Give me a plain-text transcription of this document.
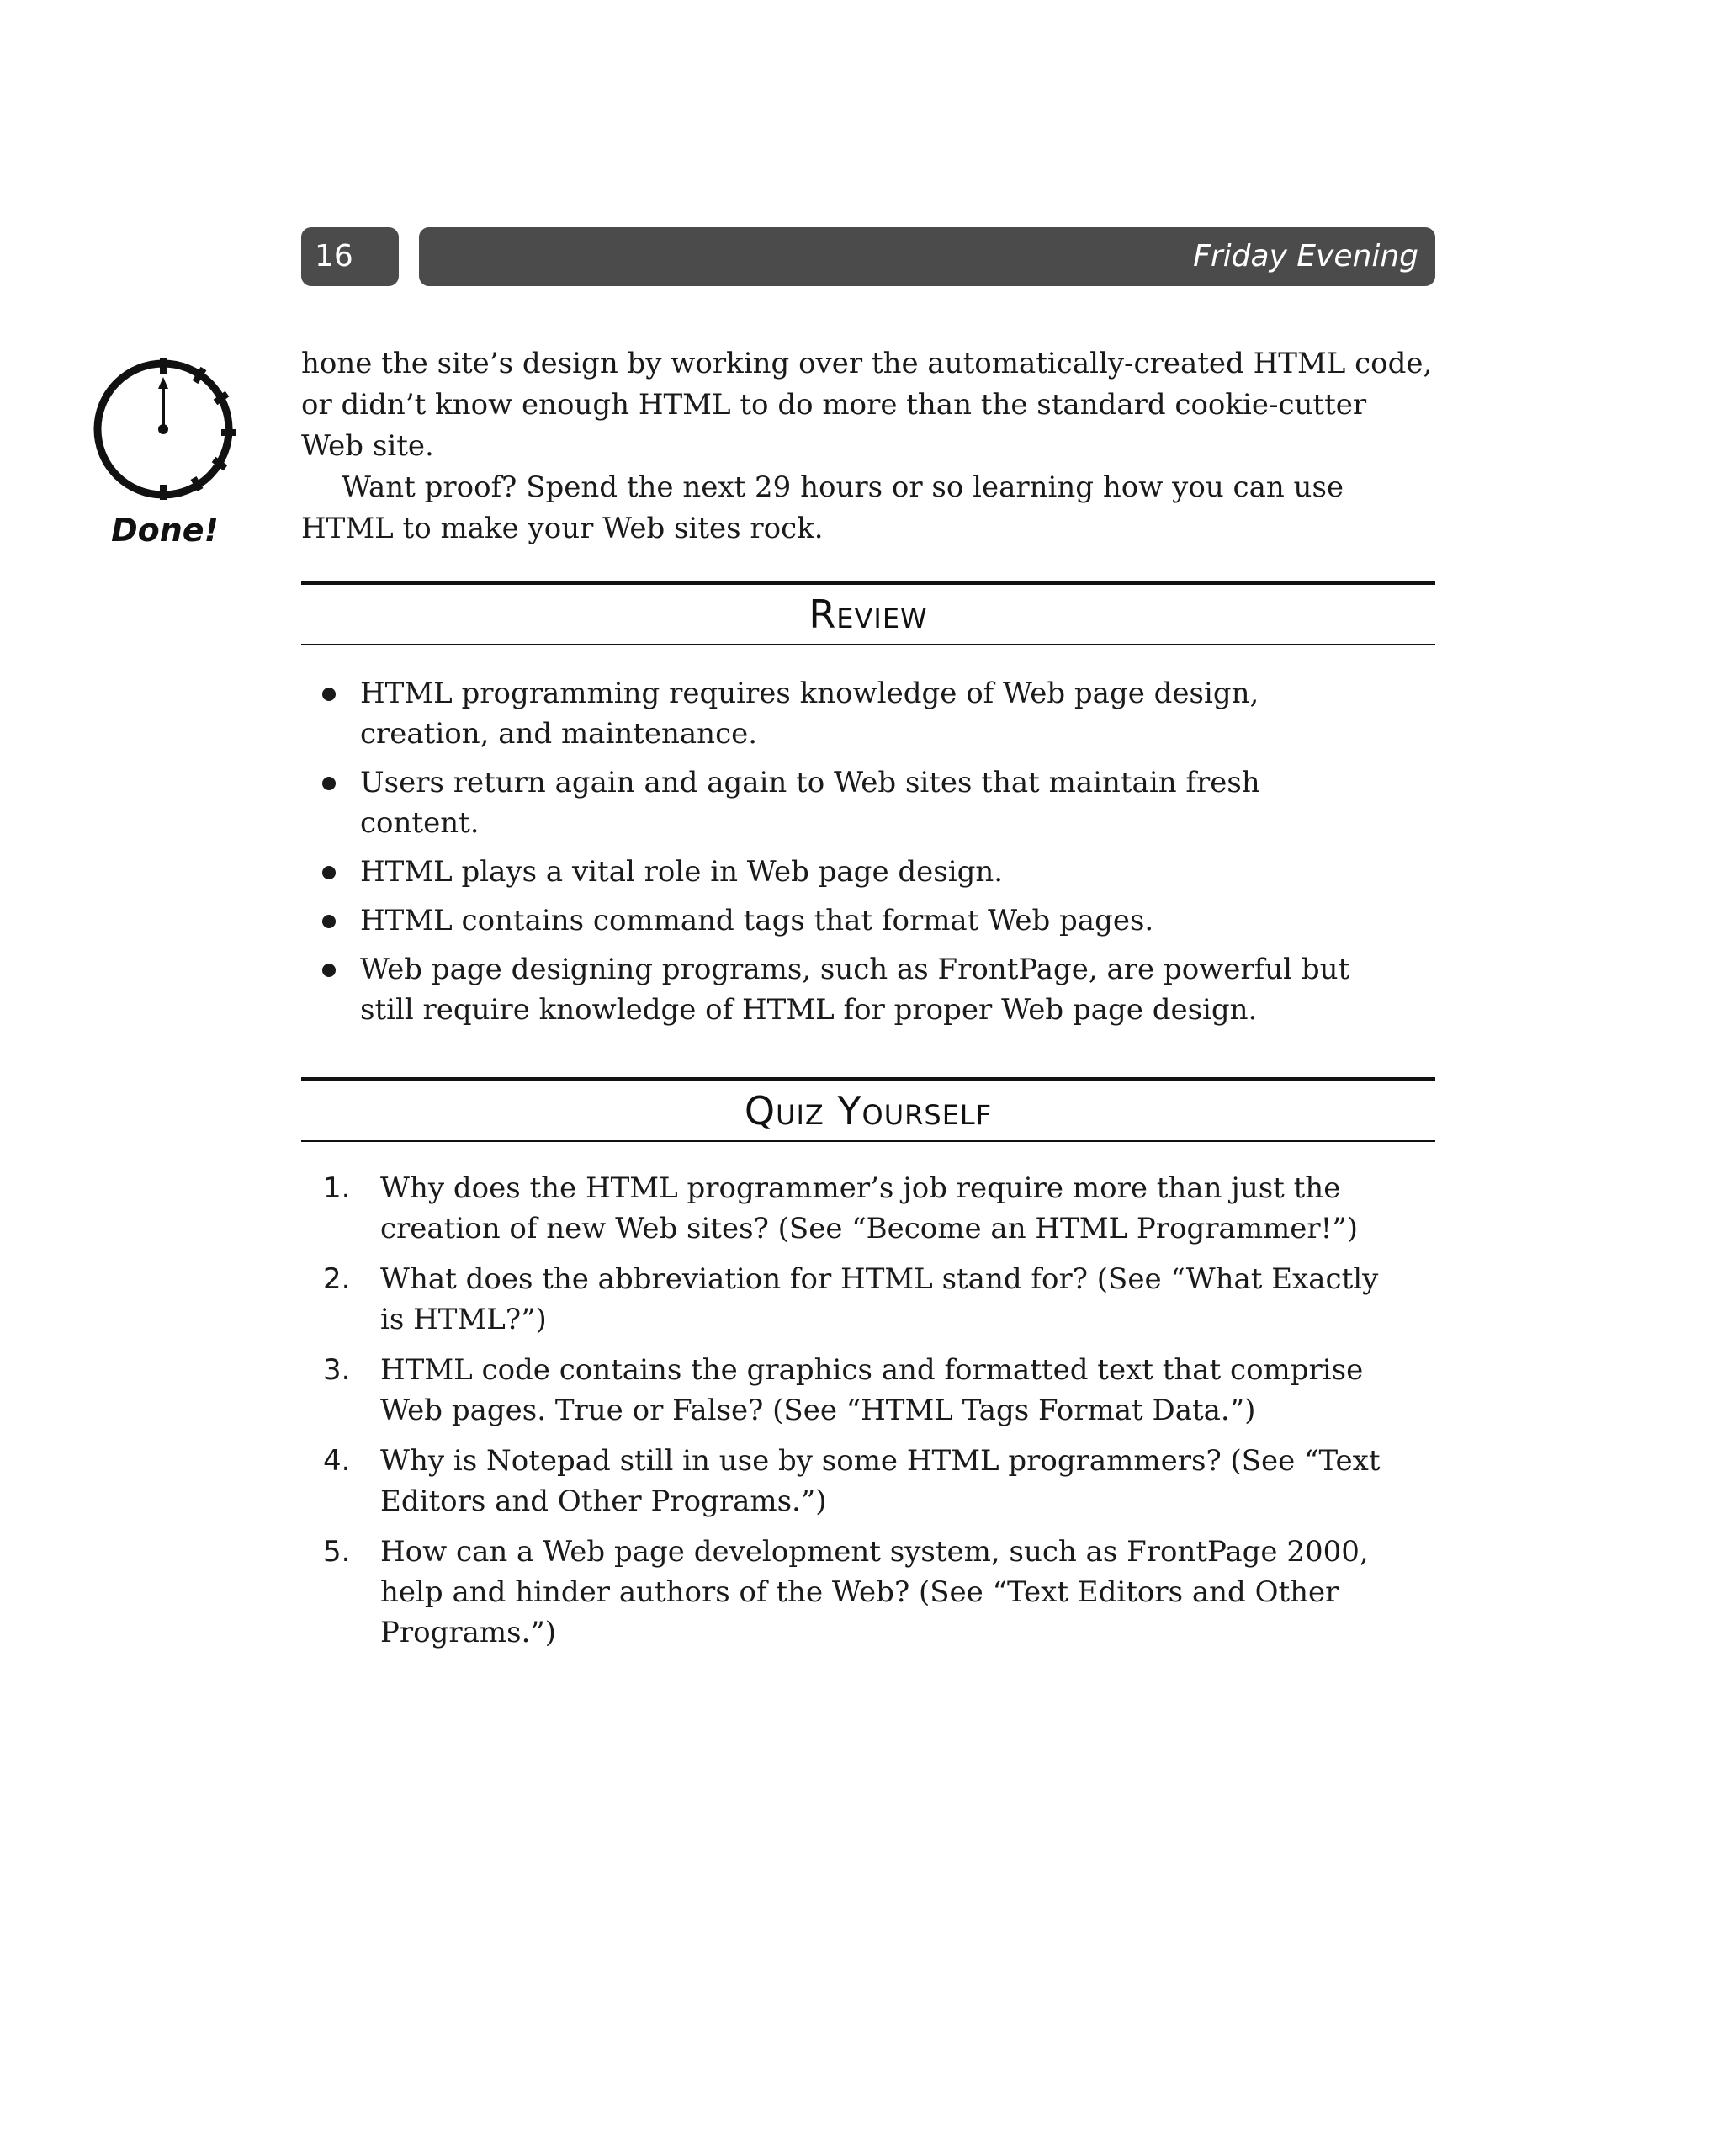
16	Friday Evening
Done!

hone the site’s design by working over the automatically-created HTML code, or didn’t know enough HTML to do more than the standard cookie-cutter Web site.

Want proof? Spend the next 29 hours or so learning how you can use HTML to make your Web sites rock.

Review
HTML programming requires knowledge of Web page design, creation, and maintenance.
Users return again and again to Web sites that maintain fresh content.
HTML plays a vital role in Web page design.
HTML contains command tags that format Web pages.
Web page designing programs, such as FrontPage, are powerful but still require knowledge of HTML for proper Web page design.
Quiz Yourself
1. Why does the HTML programmer’s job require more than just the creation of new Web sites? (See “Become an HTML Programmer!”)
2. What does the abbreviation for HTML stand for? (See “What Exactly is HTML?”)
3. HTML code contains the graphics and formatted text that comprise Web pages. True or False? (See “HTML Tags Format Data.”)
4. Why is Notepad still in use by some HTML programmers? (See “Text Editors and Other Programs.”)
5. How can a Web page development system, such as FrontPage 2000, help and hinder authors of the Web? (See “Text Editors and Other Programs.”)
